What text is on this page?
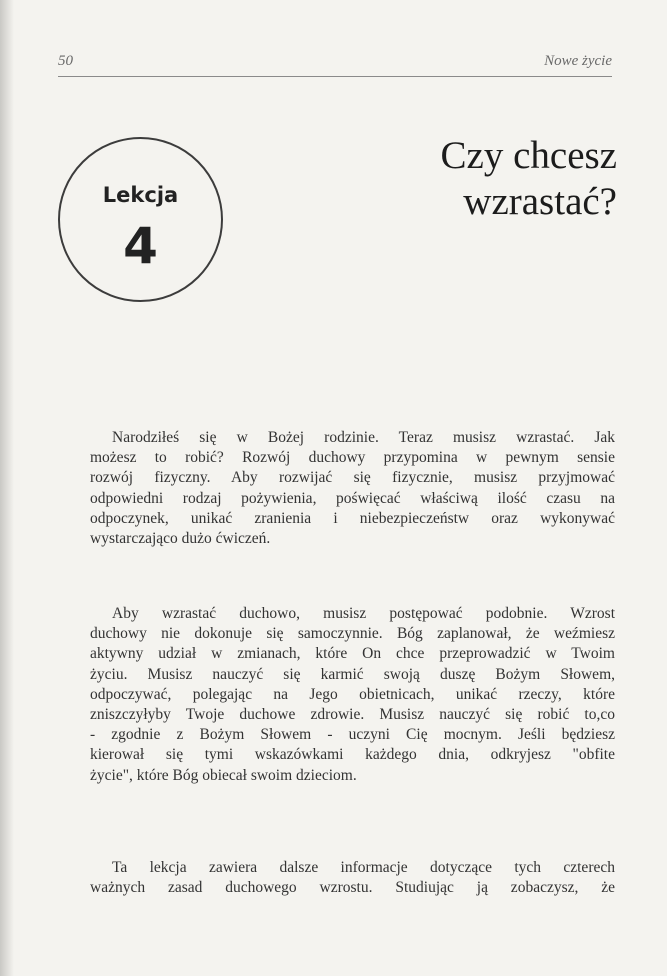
50	Nowe życie
Lekcja
4
Czy chcesz
wzrastać?
Narodziłeś się w Bożej rodzinie. Teraz musisz wzrastać. Jak
możesz to robić? Rozwój duchowy przypomina w pewnym sensie
rozwój fizyczny. Aby rozwijać się fizycznie, musisz przyjmować
odpowiedni rodzaj pożywienia, poświęcać właściwą ilość czasu na
odpoczynek, unikać zranienia i niebezpieczeństw oraz wykonywać
wystarczająco dużo ćwiczeń.
Aby wzrastać duchowo, musisz postępować podobnie. Wzrost
duchowy nie dokonuje się samoczynnie. Bóg zaplanował, że weźmiesz
aktywny udział w zmianach, które On chce przeprowadzić w Twoim
życiu. Musisz nauczyć się karmić swoją duszę Bożym Słowem,
odpoczywać, polegając na Jego obietnicach, unikać rzeczy, które
zniszczyłyby Twoje duchowe zdrowie. Musisz nauczyć się robić to,co
- zgodnie z Bożym Słowem - uczyni Cię mocnym. Jeśli będziesz
kierował się tymi wskazówkami każdego dnia, odkryjesz "obfite
życie", które Bóg obiecał swoim dzieciom.
Ta lekcja zawiera dalsze informacje dotyczące tych czterech
ważnych zasad duchowego wzrostu. Studiując ją zobaczysz, że
